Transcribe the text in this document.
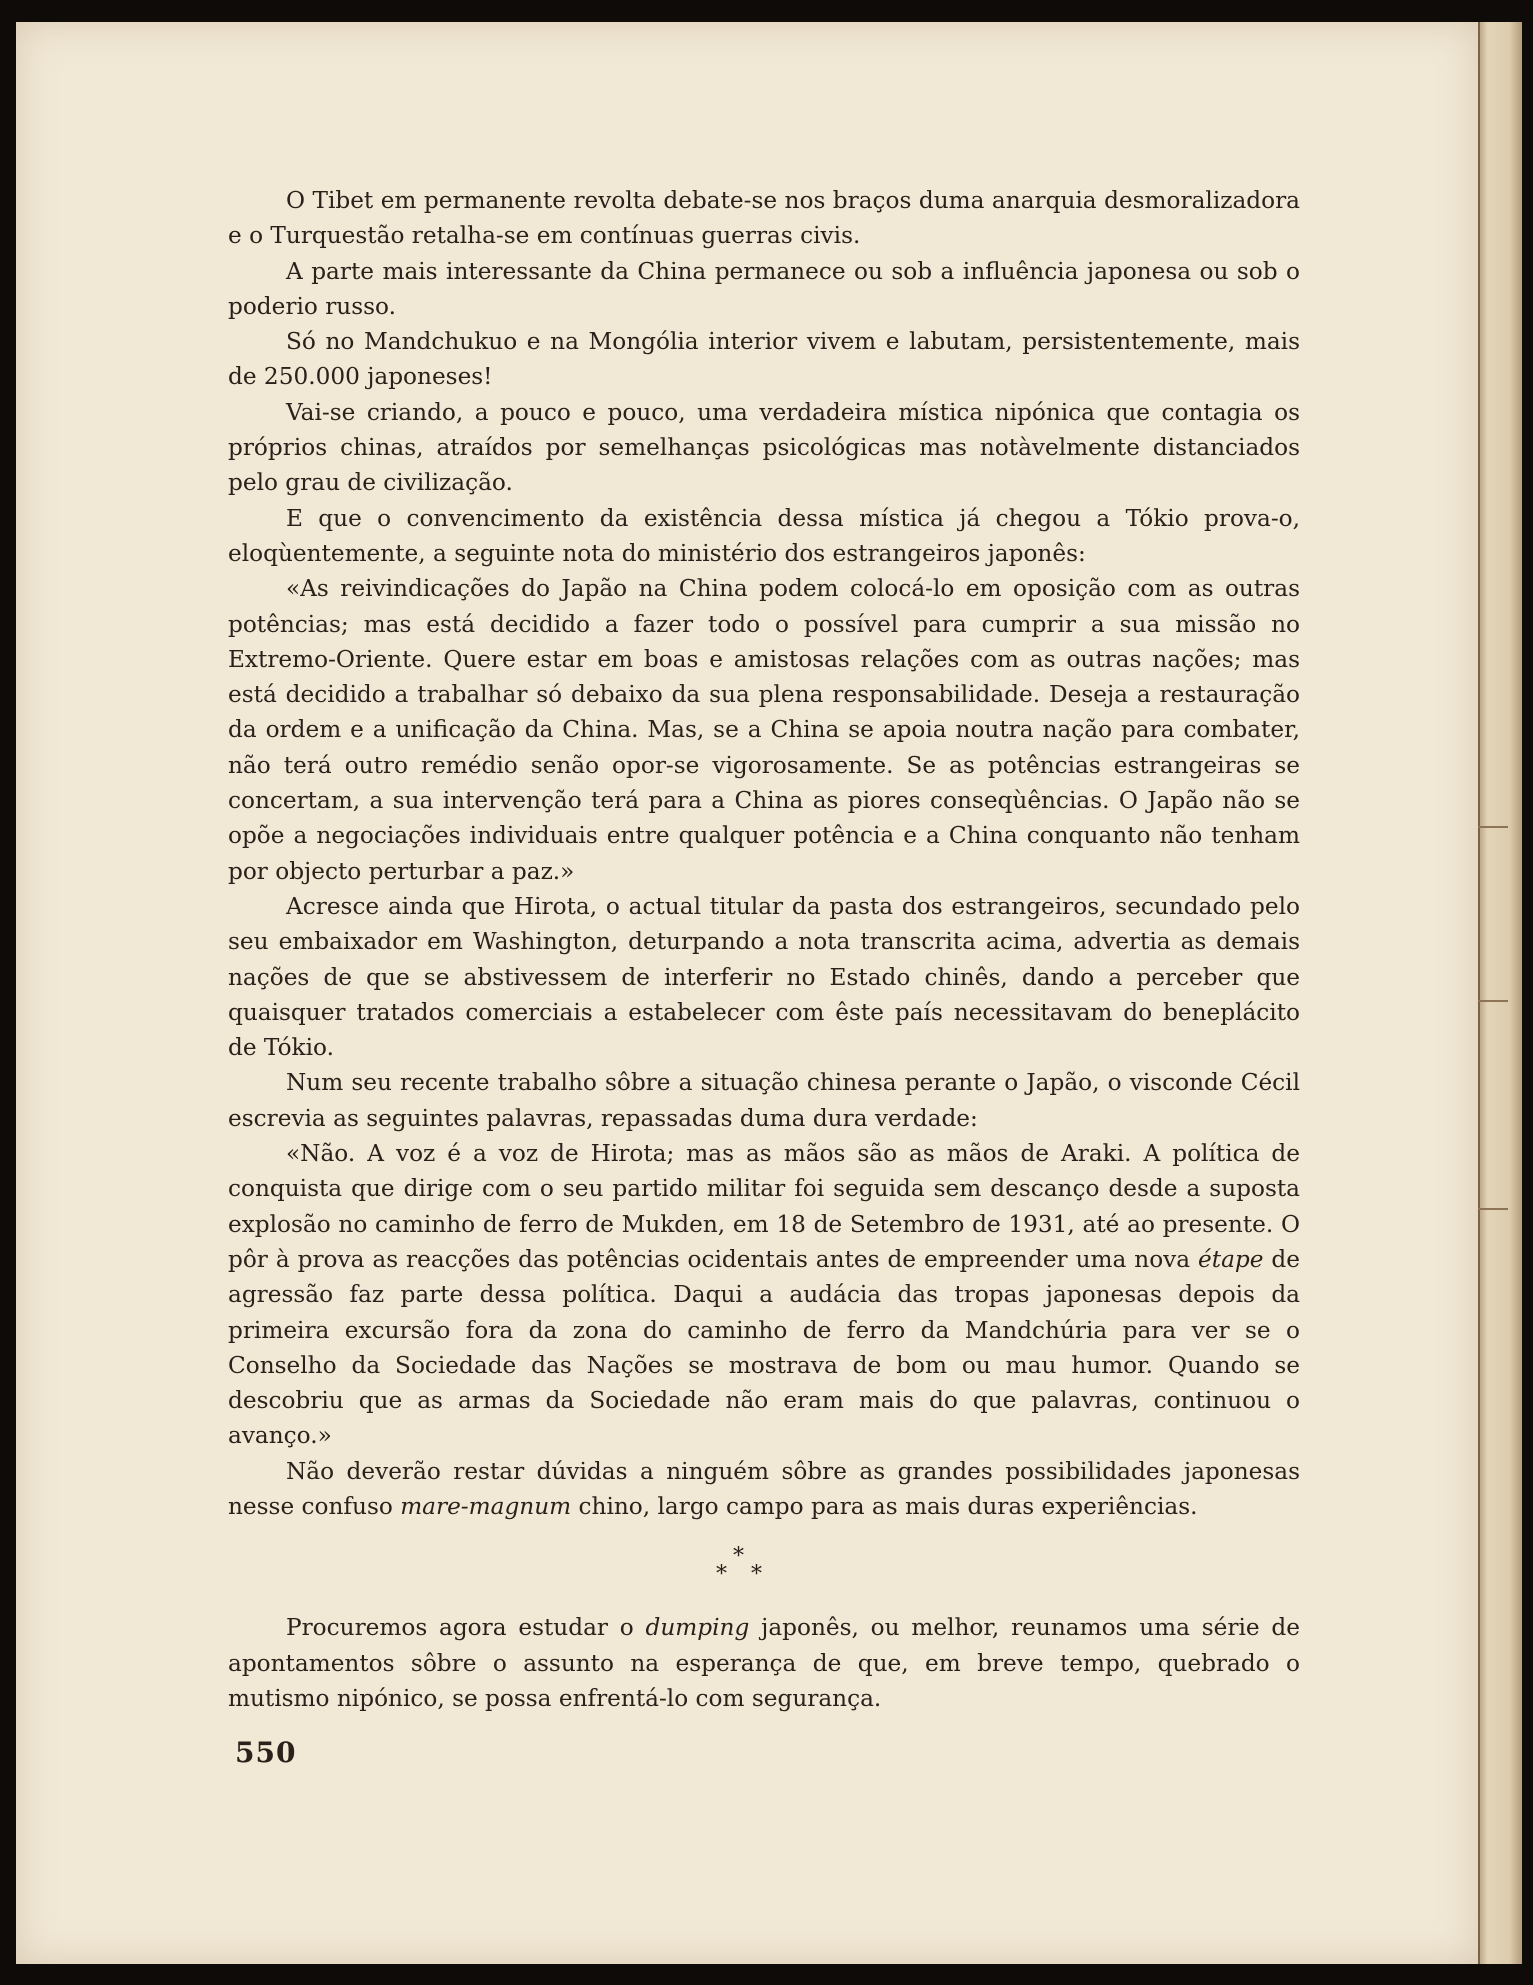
O Tibet em permanente revolta debate-se nos braços duma anarquia desmoralizadora e o Turquestão retalha-se em contínuas guerras civis.

A parte mais interessante da China permanece ou sob a influência japonesa ou sob o poderio russo.

Só no Mandchukuo e na Mongólia interior vivem e labutam, persistentemente, mais de 250.000 japoneses!

Vai-se criando, a pouco e pouco, uma verdadeira mística nipónica que contagia os próprios chinas, atraídos por semelhanças psicológicas mas notàvelmente distanciados pelo grau de civilização.

E que o convencimento da existência dessa mística já chegou a Tókio prova-o, eloqùentemente, a seguinte nota do ministério dos estrangeiros japonês:

«As reivindicações do Japão na China podem colocá-lo em oposição com as outras potências; mas está decidido a fazer todo o possível para cumprir a sua missão no Extremo-Oriente. Quere estar em boas e amistosas relações com as outras nações; mas está decidido a trabalhar só debaixo da sua plena responsabilidade. Deseja a restauração da ordem e a unificação da China. Mas, se a China se apoia noutra nação para combater, não terá outro remédio senão opor-se vigorosamente. Se as potências estrangeiras se concertam, a sua intervenção terá para a China as piores conseqùências. O Japão não se opõe a negociações individuais entre qualquer potência e a China conquanto não tenham por objecto perturbar a paz.»

Acresce ainda que Hirota, o actual titular da pasta dos estrangeiros, secundado pelo seu embaixador em Washington, deturpando a nota transcrita acima, advertia as demais nações de que se abstivessem de interferir no Estado chinês, dando a perceber que quaisquer tratados comerciais a estabelecer com êste país necessitavam do beneplácito de Tókio.

Num seu recente trabalho sôbre a situação chinesa perante o Japão, o visconde Cécil escrevia as seguintes palavras, repassadas duma dura verdade:

«Não. A voz é a voz de Hirota; mas as mãos são as mãos de Araki. A política de conquista que dirige com o seu partido militar foi seguida sem descanço desde a suposta explosão no caminho de ferro de Mukden, em 18 de Setembro de 1931, até ao presente. O pôr à prova as reacções das potências ocidentais antes de empreender uma nova étape de agressão faz parte dessa política. Daqui a audácia das tropas japonesas depois da primeira excursão fora da zona do caminho de ferro da Mandchúria para ver se o Conselho da Sociedade das Nações se mostrava de bom ou mau humor. Quando se descobriu que as armas da Sociedade não eram mais do que palavras, continuou o avanço.»

Não deverão restar dúvidas a ninguém sôbre as grandes possibilidades japonesas nesse confuso mare-magnum chino, largo campo para as mais duras experiências.

*
* *

Procuremos agora estudar o dumping japonês, ou melhor, reunamos uma série de apontamentos sôbre o assunto na esperança de que, em breve tempo, quebrado o mutismo nipónico, se possa enfrentá-lo com segurança.

550
